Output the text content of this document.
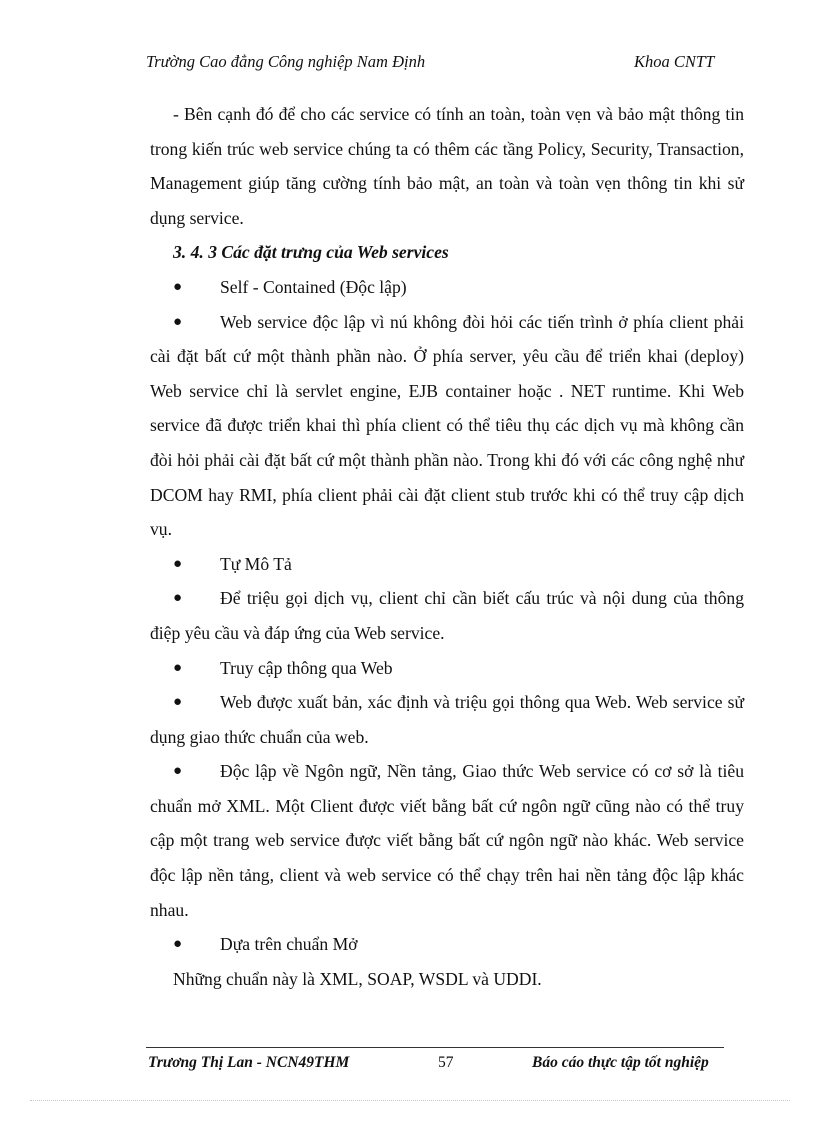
Trường Cao đẳng Công nghiệp Nam Định	Khoa CNTT

- Bên cạnh đó để cho các service có tính an toàn, toàn vẹn và bảo mật thông tin trong kiến trúc web service chúng ta có thêm các tầng Policy, Security, Transaction, Management giúp tăng cường tính bảo mật, an toàn và toàn vẹn thông tin khi sử dụng service.

3. 4. 3 Các đặt trưng của Web services

● Self - Contained (Độc lập)

● Web service độc lập vì nú không đòi hỏi các tiến trình ở phía client phải cài đặt bất cứ một thành phần nào. Ở phía server, yêu cầu để triển khai (deploy) Web service chỉ là servlet engine, EJB container hoặc . NET runtime. Khi Web service đã được triển khai thì phía client có thể tiêu thụ các dịch vụ mà không cần đòi hỏi phải cài đặt bất cứ một thành phần nào. Trong khi đó với các công nghệ như DCOM hay RMI, phía client phải cài đặt client stub trước khi có thể truy cập dịch vụ.

● Tự Mô Tả

● Để triệu gọi dịch vụ, client chỉ cần biết cấu trúc và nội dung của thông điệp yêu cầu và đáp ứng của Web service.

● Truy cập thông qua Web

● Web được xuất bản, xác định và triệu gọi thông qua Web. Web service sử dụng giao thức chuẩn của web.

● Độc lập về Ngôn ngữ, Nền tảng, Giao thức Web service có cơ sở là tiêu chuẩn mở XML. Một Client được viết bằng bất cứ ngôn ngữ cũng nào có thể truy cập một trang web service được viết bằng bất cứ ngôn ngữ nào khác. Web service độc lập nền tảng, client và web service có thể chạy trên hai nền tảng độc lập khác nhau.

● Dựa trên chuẩn Mở

Những chuẩn này là XML, SOAP, WSDL và UDDI.

Trương Thị Lan - NCN49THM	57	Báo cáo thực tập tốt nghiệp
